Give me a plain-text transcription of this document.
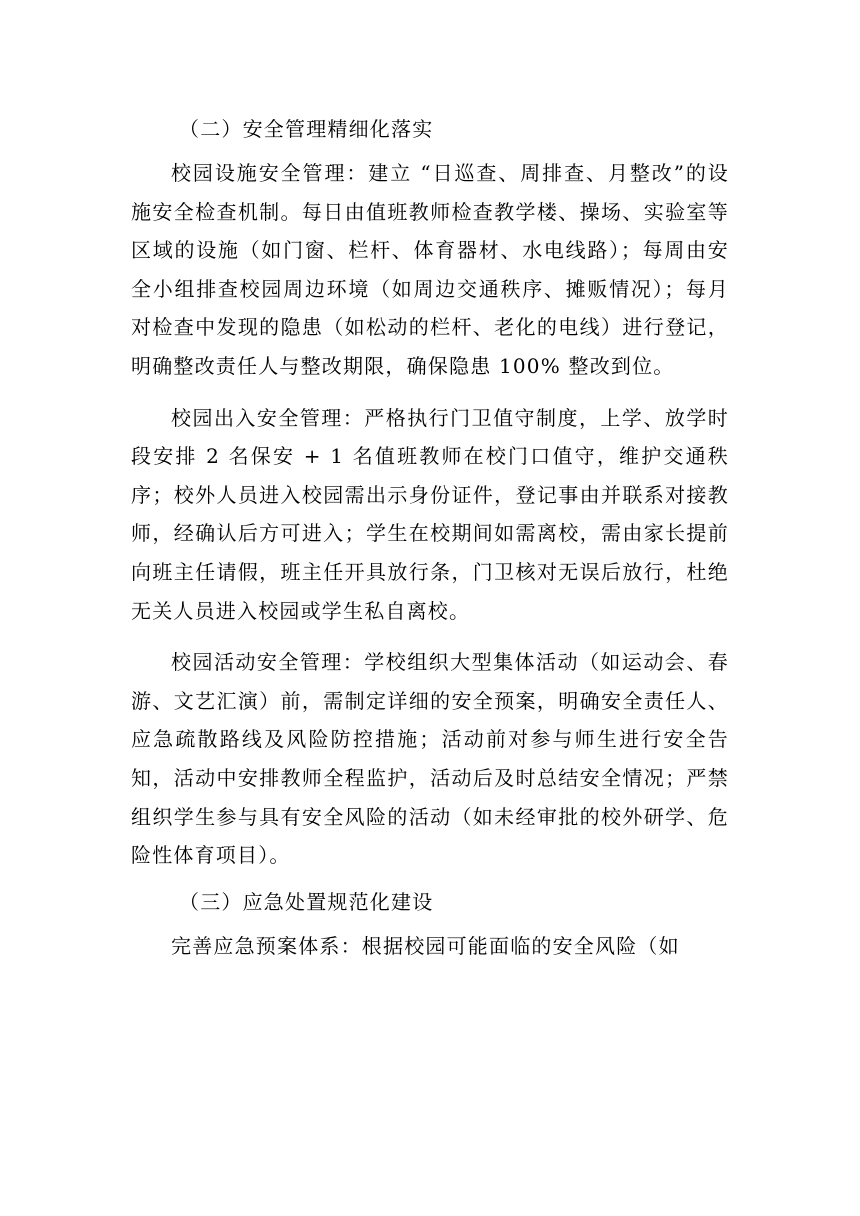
（二）安全管理精细化落实

校园设施安全管理：建立 “日巡查、周排查、月整改”的设施安全检查机制。每日由值班教师检查教学楼、操场、实验室等区域的设施（如门窗、栏杆、体育器材、水电线路）；每周由安全小组排查校园周边环境（如周边交通秩序、摊贩情况）；每月对检查中发现的隐患（如松动的栏杆、老化的电线）进行登记，明确整改责任人与整改期限，确保隐患 100% 整改到位。

校园出入安全管理：严格执行门卫值守制度，上学、放学时段安排 2 名保安 + 1 名值班教师在校门口值守，维护交通秩序；校外人员进入校园需出示身份证件，登记事由并联系对接教师，经确认后方可进入；学生在校期间如需离校，需由家长提前向班主任请假，班主任开具放行条，门卫核对无误后放行，杜绝无关人员进入校园或学生私自离校。

校园活动安全管理：学校组织大型集体活动（如运动会、春游、文艺汇演）前，需制定详细的安全预案，明确安全责任人、应急疏散路线及风险防控措施；活动前对参与师生进行安全告知，活动中安排教师全程监护，活动后及时总结安全情况；严禁组织学生参与具有安全风险的活动（如未经审批的校外研学、危险性体育项目）。

（三）应急处置规范化建设

完善应急预案体系：根据校园可能面临的安全风险（如
